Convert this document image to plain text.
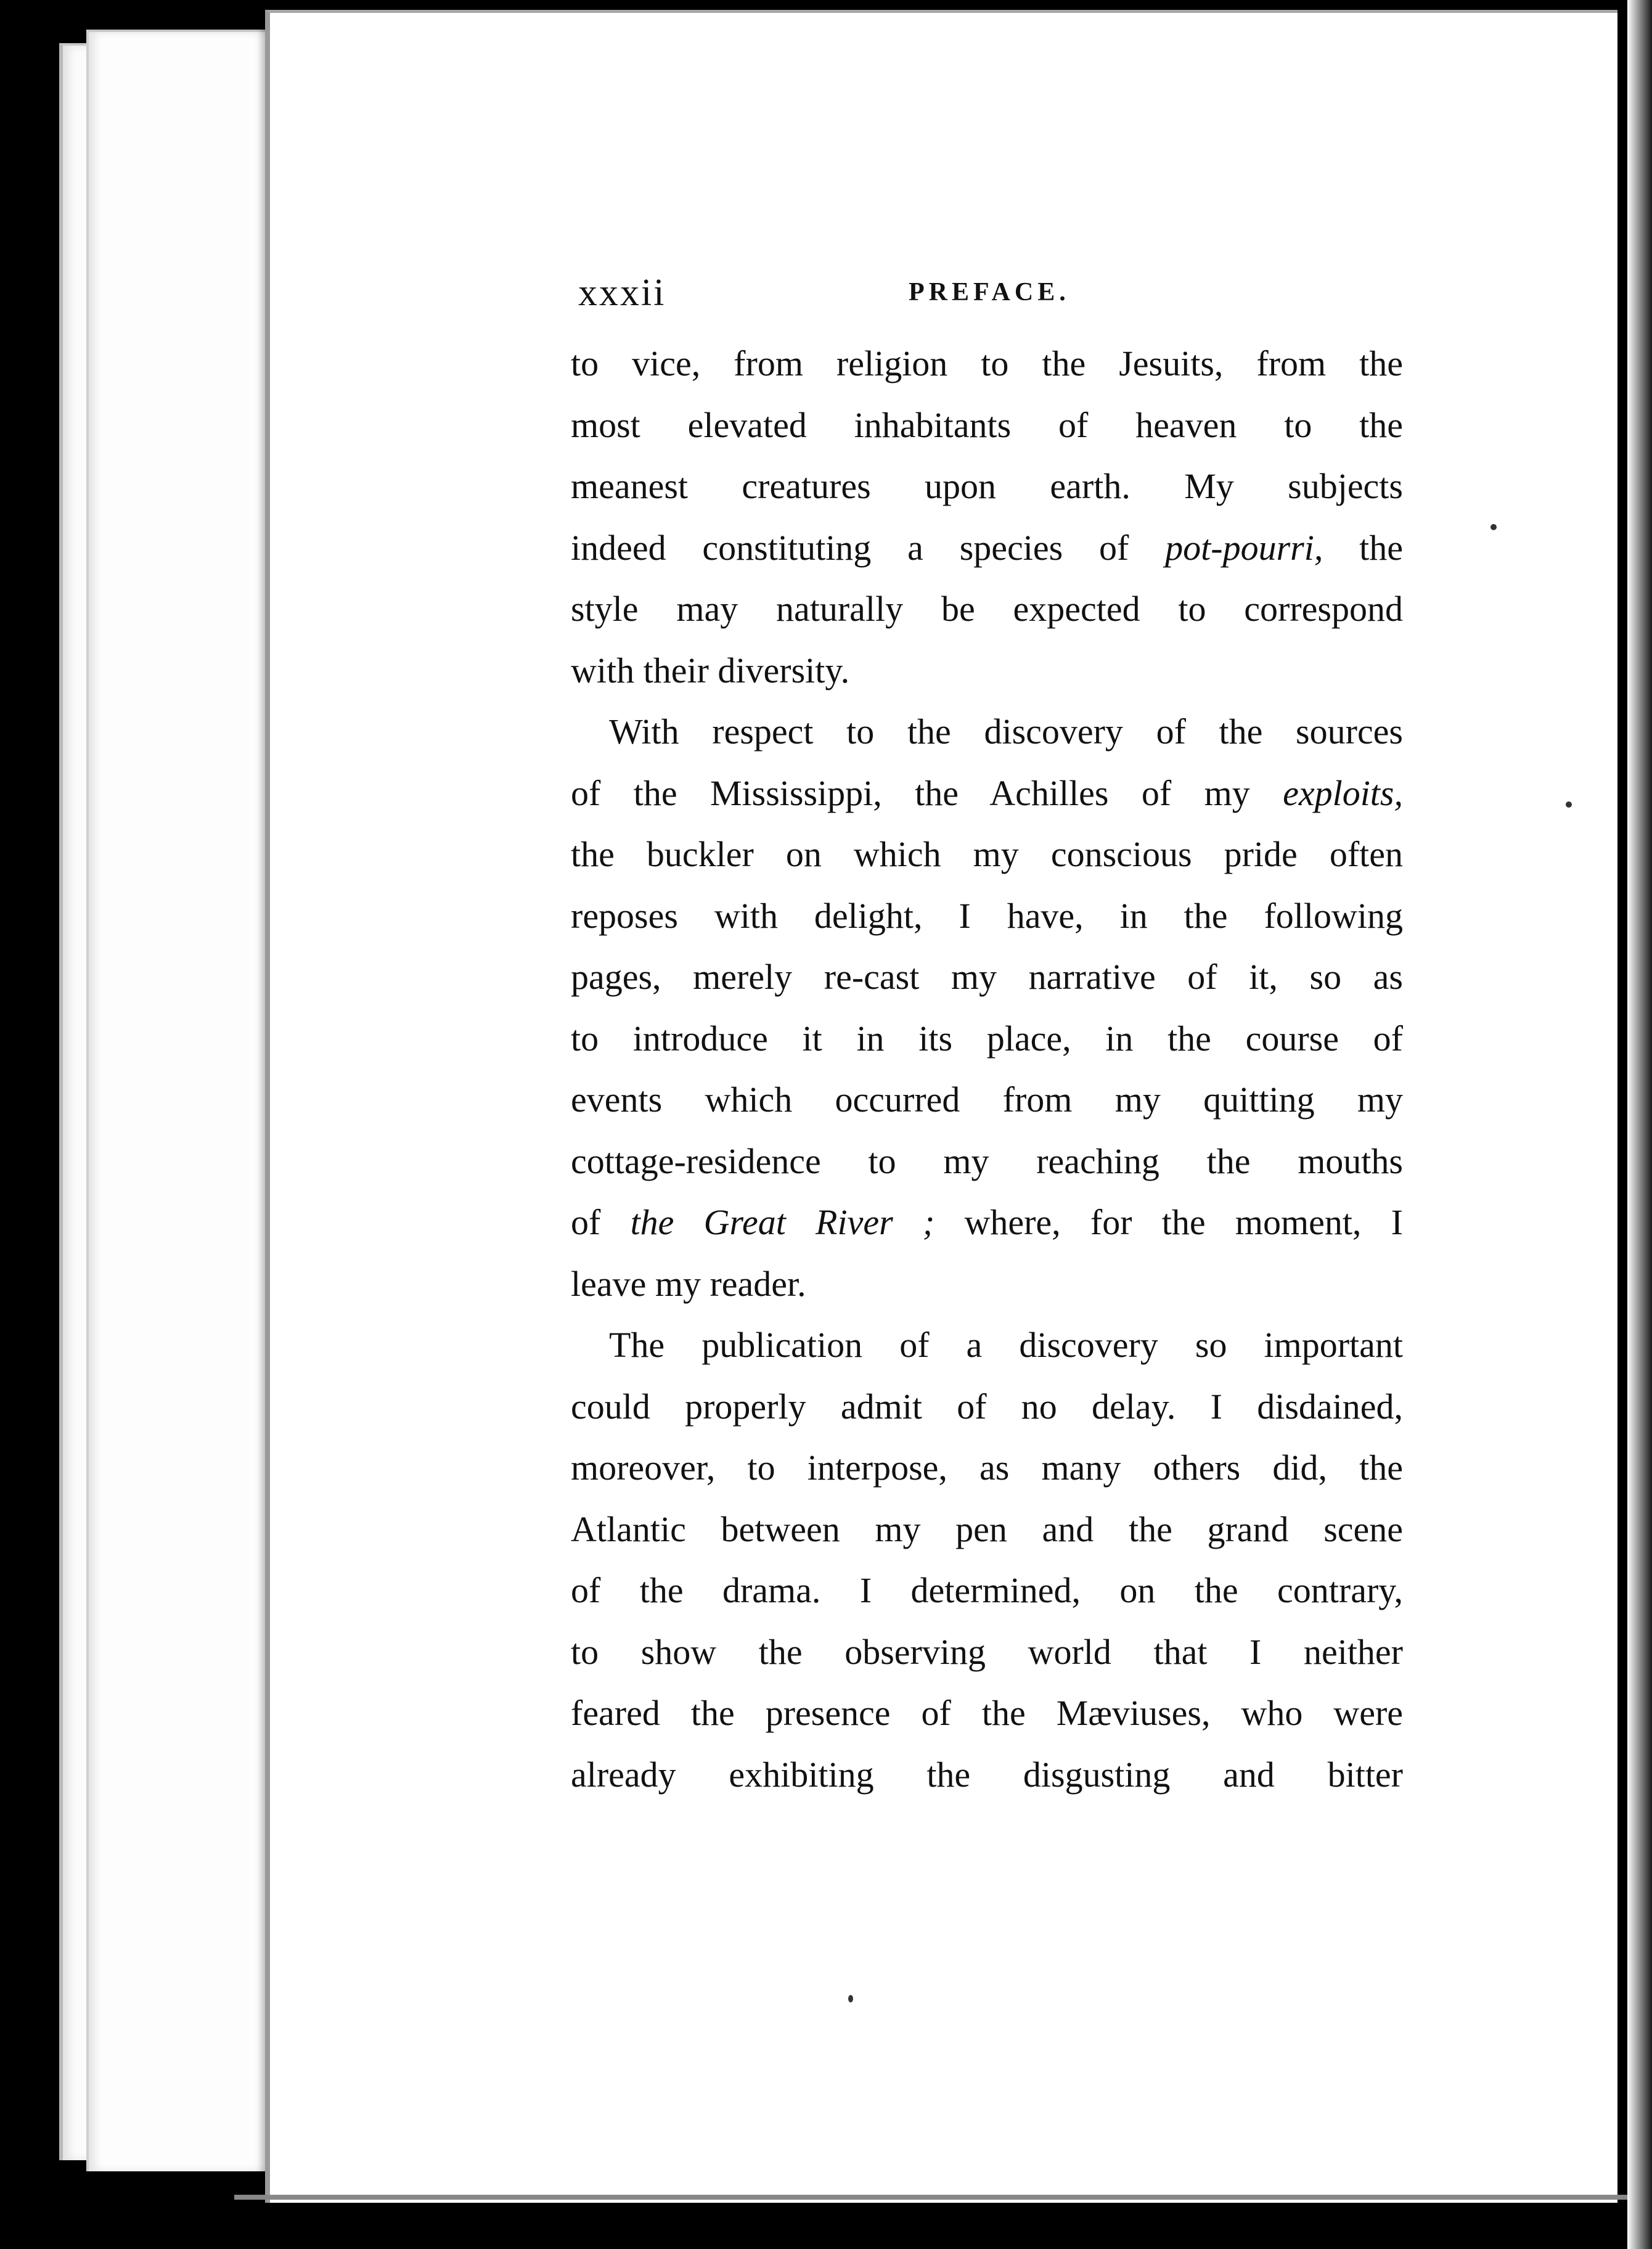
xxxii	PREFACE.
to vice, from religion to the Jesuits, from the
most elevated inhabitants of heaven to the
meanest creatures upon earth. My subjects
indeed constituting a species of pot-pourri, the
style may naturally be expected to correspond
with their diversity.
With respect to the discovery of the sources
of the Mississippi, the Achilles of my exploits,
the buckler on which my conscious pride often
reposes with delight, I have, in the following
pages, merely re-cast my narrative of it, so as
to introduce it in its place, in the course of
events which occurred from my quitting my
cottage-residence to my reaching the mouths
of the Great River ; where, for the moment, I
leave my reader.
The publication of a discovery so important
could properly admit of no delay. I disdained,
moreover, to interpose, as many others did, the
Atlantic between my pen and the grand scene
of the drama. I determined, on the contrary,
to show the observing world that I neither
feared the presence of the Mæviuses, who were
already exhibiting the disgusting and bitter
